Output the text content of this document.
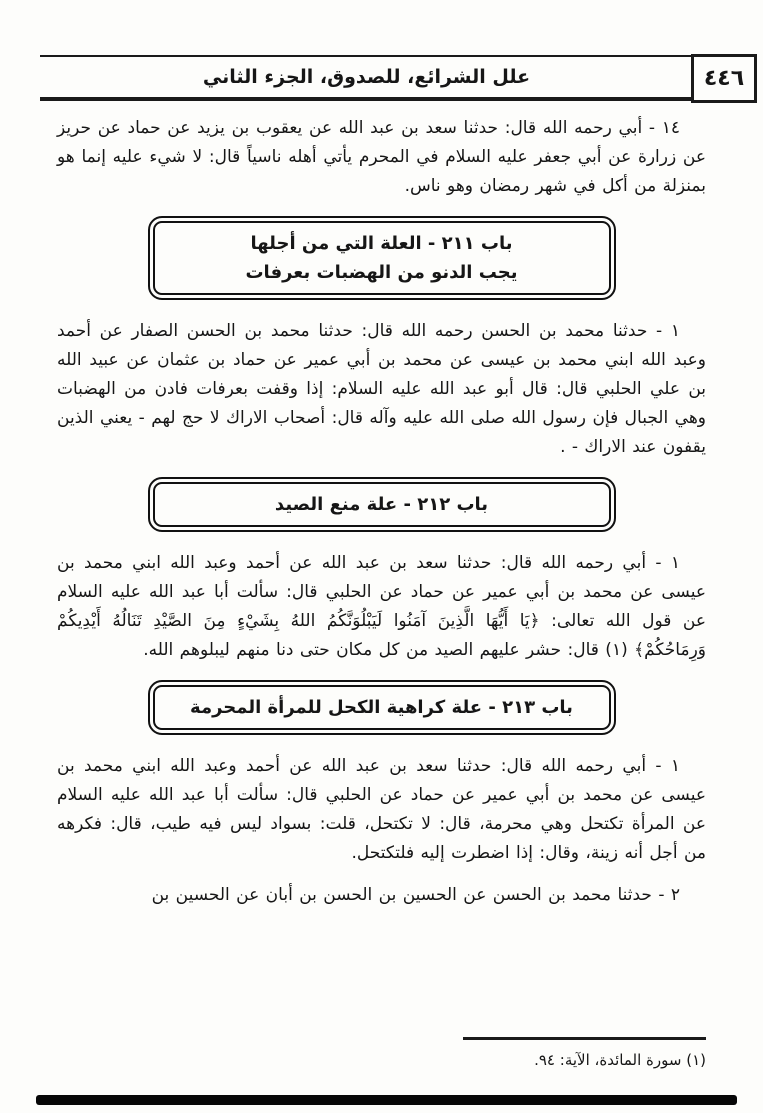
علل الشرائع، للصدوق، الجزء الثاني	٤٤٦

١٤ - أبي رحمه الله قال: حدثنا سعد بن عبد الله عن يعقوب بن يزيد عن حماد عن حريز عن زرارة عن أبي جعفر عليه السلام في المحرم يأتي أهله ناسياً قال: لا شيء عليه إنما هو بمنزلة من أكل في شهر رمضان وهو ناس.

باب ٢١١ - العلة التي من أجلها
يجب الدنو من الهضبات بعرفات

١ - حدثنا محمد بن الحسن رحمه الله قال: حدثنا محمد بن الحسن الصفار عن أحمد وعبد الله ابني محمد بن عيسى عن محمد بن أبي عمير عن حماد بن عثمان عن عبيد الله بن علي الحلبي قال: قال أبو عبد الله عليه السلام: إذا وقفت بعرفات فادن من الهضبات وهي الجبال فإن رسول الله صلى الله عليه وآله قال: أصحاب الاراك لا حج لهم - يعني الذين يقفون عند الاراك - .

باب ٢١٢ - علة منع الصيد

١ - أبي رحمه الله قال: حدثنا سعد بن عبد الله عن أحمد وعبد الله ابني محمد بن عيسى عن محمد بن أبي عمير عن حماد عن الحلبي قال: سألت أبا عبد الله عليه السلام عن قول الله تعالى: ﴿يَا أَيُّهَا الَّذِينَ آمَنُوا لَيَبْلُوَنَّكُمُ اللهُ بِشَيْءٍ مِنَ الصَّيْدِ تَنَالُهُ أَيْدِيكُمْ وَرِمَاحُكُمْ﴾ (١) قال: حشر عليهم الصيد من كل مكان حتى دنا منهم ليبلوهم الله.

باب ٢١٣ - علة كراهية الكحل للمرأة المحرمة

١ - أبي رحمه الله قال: حدثنا سعد بن عبد الله عن أحمد وعبد الله ابني محمد بن عيسى عن محمد بن أبي عمير عن حماد عن الحلبي قال: سألت أبا عبد الله عليه السلام عن المرأة تكتحل وهي محرمة، قال: لا تكتحل، قلت: بسواد ليس فيه طيب، قال: فكرهه من أجل أنه زينة، وقال: إذا اضطرت إليه فلتكتحل.

٢ - حدثنا محمد بن الحسن عن الحسين بن الحسن بن أبان عن الحسين بن

(١) سورة المائدة، الآية: ٩٤.
